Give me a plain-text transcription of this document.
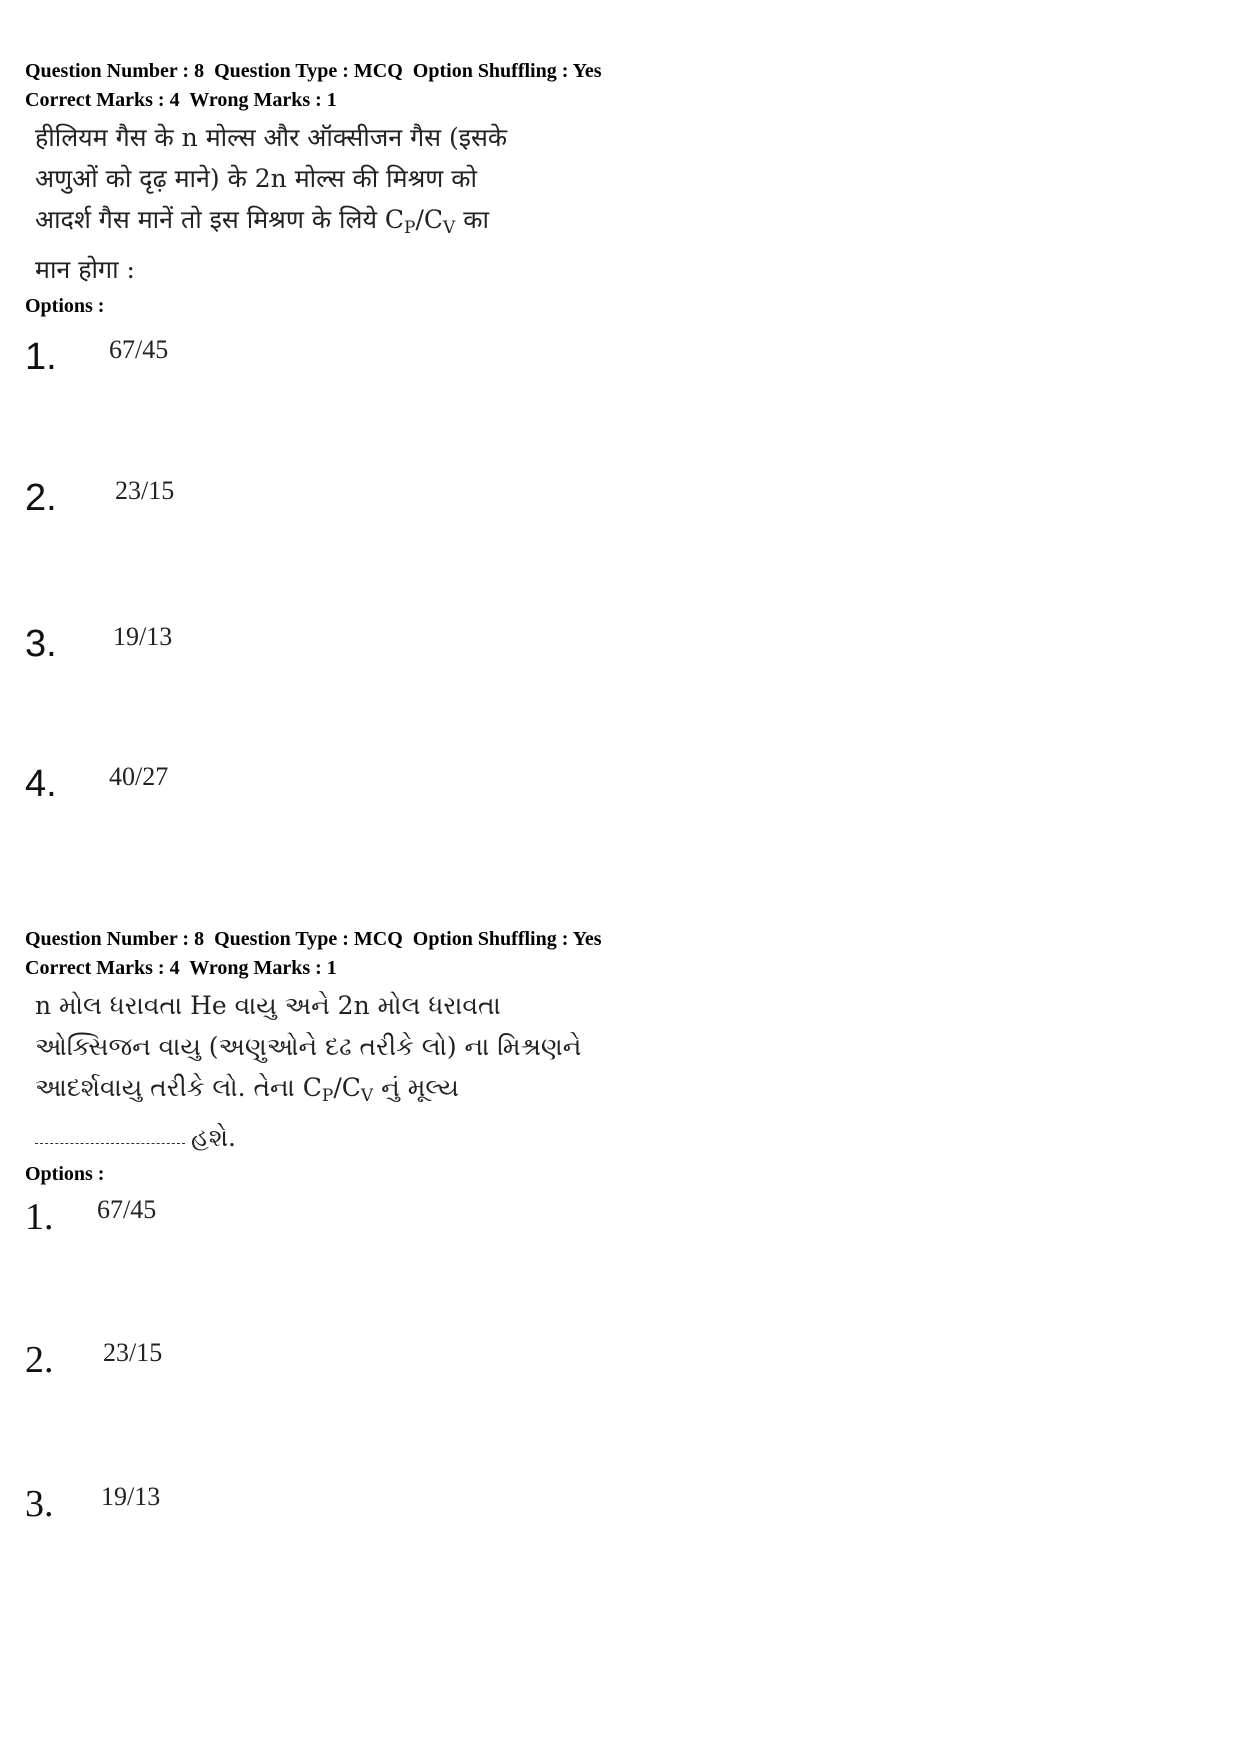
Question Number : 8  Question Type : MCQ  Option Shuffling : Yes
Correct Marks : 4  Wrong Marks : 1
हीलियम गैस के n मोल्स और ऑक्सीजन गैस (इसके
अणुओं को दृढ़ माने) के 2n मोल्स की मिश्रण को
आदर्श गैस मानें तो इस मिश्रण के लिये $C_P/C_V$ का
मान होगा :
Options :
1.	67/45
2.	23/15
3.	19/13
4.	40/27
Question Number : 8  Question Type : MCQ  Option Shuffling : Yes
Correct Marks : 4  Wrong Marks : 1
n મોલ ધરાવતા He વાયુ અને 2n મોલ ધરાવતા
ઓક્સિજન વાયુ (અણુઓને દઢ તરીકે લો) ના મિશ્રણને
આદર્શવાયુ તરીકે લો. તેના $C_P/C_V$ નું મૂલ્ય
હશે.
Options :
1.	67/45
2.	23/15
3.	19/13
